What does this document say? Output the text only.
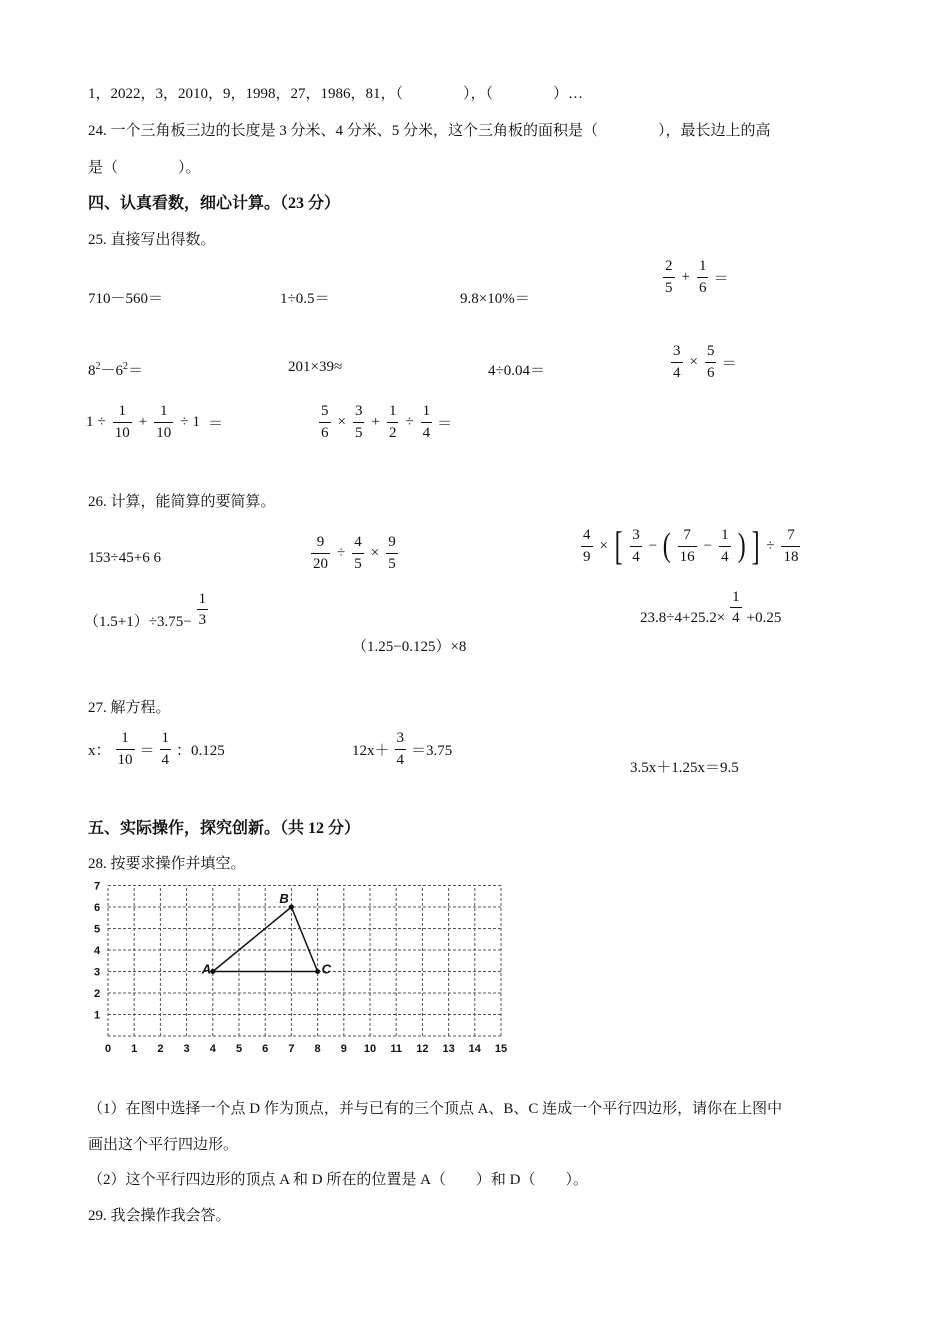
1，2022，3，2010，9，1998，27，1986，81，（　　　　），（　　　　）…
24. 一个三角板三边的长度是 3 分米、4 分米、5 分米，这个三角板的面积是（　　　　），最长边上的高
是（　　　　）。
四、认真看数，细心计算。（23 分）
25. 直接写出得数。
710－560＝	1÷0.5＝	9.8×10%＝
$\frac{2}{5} + \frac{1}{6}$ ＝
$8^2-6^2=$	201×39≈	4÷0.04＝	$\frac{3}{4} \times \frac{5}{6}$ ＝
$1 \div \frac{1}{10} + \frac{1}{10} \div 1$ ＝	$\frac{5}{6} \times \frac{3}{5} + \frac{1}{2} \div \frac{1}{4}$ ＝
26. 计算，能简算的要简算。
153÷45+6 6	$\frac{9}{20} \div \frac{4}{5} \times \frac{9}{5}$	$\frac{4}{9}$ × [ $\frac{3}{4}$ − ( $\frac{7}{16} - \frac{1}{4}$ ) ] ÷ $\frac{7}{18}$
$(1.5+1)\div 3.75- \frac{1}{3}$
（1.25−0.125）×8
$23.8\div 4+25.2\times \frac{1}{4} +0.25$
27. 解方程。
x： $\frac{1}{10} = \frac{1}{4}$ ：0.125	$12x+ \frac{3}{4} =3.75$
3.5x＋1.25x＝9.5
五、实际操作，探究创新。（共 12 分）
28. 按要求操作并填空。
0 1 2 3 4 5 6 7 8 9 10 11 12 13 14 15
1
2
3
4
5
6
7
A
B
C
（1）在图中选择一个点 D 作为顶点，并与已有的三个顶点 A、B、C 连成一个平行四边形，请你在上图中
画出这个平行四边形。
（2）这个平行四边形的顶点 A 和 D 所在的位置是 A（　　）和 D（　　）。
29. 我会操作我会答。
